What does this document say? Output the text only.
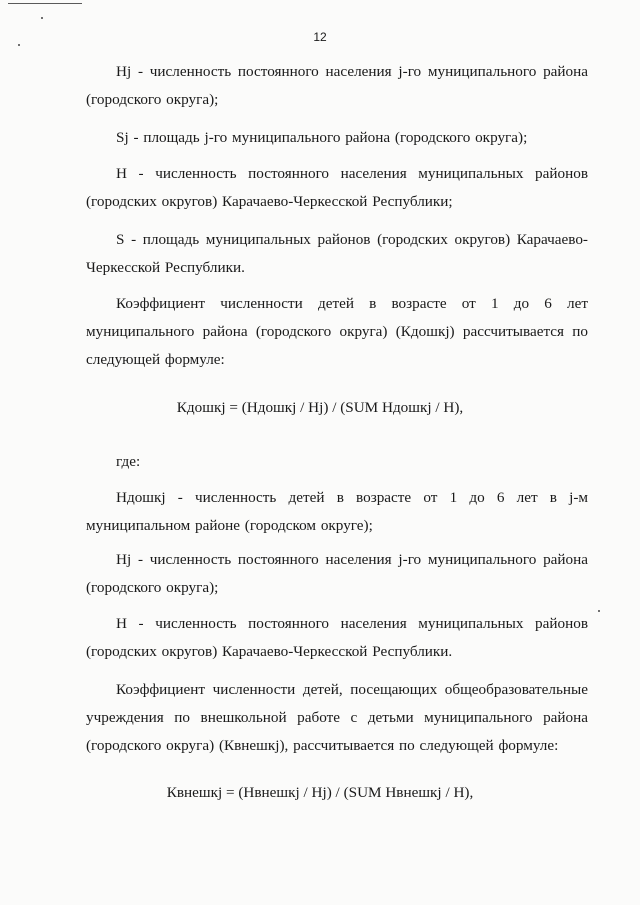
12

Hj - численность постоянного населения j-го муниципального района (городского округа);

Sj - площадь j-го муниципального района (городского округа);

Н - численность постоянного населения муниципальных районов (городских округов) Карачаево-Черкесской Республики;

S - площадь муниципальных районов (городских округов) Карачаево-Черкесской Республики.

Коэффициент численности детей в возрасте от 1 до 6 лет муниципального района (городского округа) (Кдошкj) рассчитывается по следующей формуле:

Кдошкj = (Ндошкj / Hj) / (SUM Ндошкj / Н),

где:

Ндошкj - численность детей в возрасте от 1 до 6 лет в j-м муниципальном районе (городском округе);

Hj - численность постоянного населения j-го муниципального района (городского округа);

Н - численность постоянного населения муниципальных районов (городских округов) Карачаево-Черкесской Республики.

Коэффициент численности детей, посещающих общеобразовательные учреждения по внешкольной работе с детьми муниципального района (городского округа) (Квнешкj), рассчитывается по следующей формуле:

Квнешкj = (Нвнешкj / Hj) / (SUM Нвнешкj / Н),
